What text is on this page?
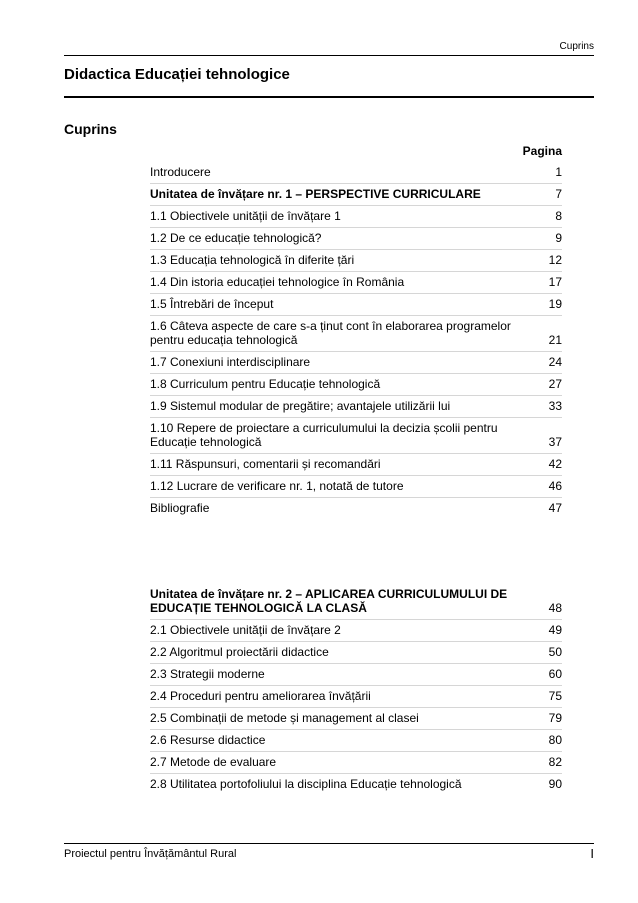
Cuprins
Didactica Educației tehnologice
Cuprins
Pagina
Introducere	1
Unitatea de învățare nr. 1 – PERSPECTIVE CURRICULARE	7
1.1 Obiectivele unității de învățare 1	8
1.2 De ce educație tehnologică?	9
1.3 Educația tehnologică în diferite țări	12
1.4 Din istoria educației tehnologice în România	17
1.5 Întrebări de început	19
1.6 Câteva aspecte de care s-a ținut cont în elaborarea programelor pentru educația tehnologică	21
1.7 Conexiuni interdisciplinare	24
1.8 Curriculum pentru Educație tehnologică	27
1.9 Sistemul modular de pregătire; avantajele utilizării lui	33
1.10 Repere de proiectare a curriculumului la decizia școlii pentru Educație tehnologică	37
1.11 Răspunsuri, comentarii și recomandări	42
1.12 Lucrare de verificare nr. 1, notată de tutore	46
Bibliografie	47
Unitatea de învățare nr. 2 – APLICAREA CURRICULUMULUI DE EDUCAȚIE TEHNOLOGICĂ LA CLASĂ	48
2.1 Obiectivele unității de învățare 2	49
2.2 Algoritmul proiectării didactice	50
2.3 Strategii moderne	60
2.4 Proceduri pentru ameliorarea învățării	75
2.5 Combinații de metode și management al clasei	79
2.6 Resurse didactice	80
2.7 Metode de evaluare	82
2.8 Utilitatea portofoliului la disciplina Educație tehnologică	90
Proiectul pentru Învățământul Rural	I
